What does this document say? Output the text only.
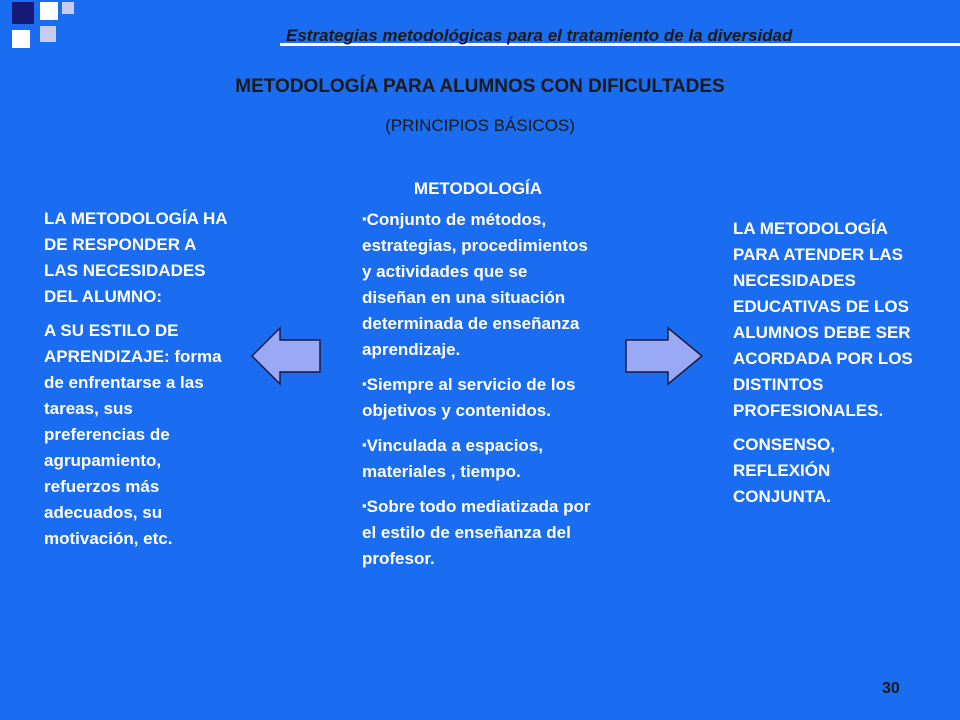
Estrategias metodológicas para el tratamiento de la diversidad
METODOLOGÍA PARA ALUMNOS CON DIFICULTADES
(PRINCIPIOS BÁSICOS)

LA METODOLOGÍA HA DE RESPONDER A LAS NECESIDADES DEL ALUMNO:

A SU ESTILO DE APRENDIZAJE: forma de enfrentarse a las tareas, sus preferencias de agrupamiento, refuerzos más adecuados, su motivación, etc.

METODOLOGÍA

▪ Conjunto de métodos, estrategias, procedimientos y actividades que se diseñan en una situación determinada de enseñanza aprendizaje.

▪ Siempre al servicio de los objetivos y contenidos.

▪ Vinculada a espacios, materiales , tiempo.

▪ Sobre todo mediatizada por el estilo de enseñanza del profesor.

LA METODOLOGÍA PARA ATENDER LAS NECESIDADES EDUCATIVAS DE LOS ALUMNOS DEBE SER ACORDADA POR LOS DISTINTOS PROFESIONALES.

CONSENSO, REFLEXIÓN CONJUNTA.

30
